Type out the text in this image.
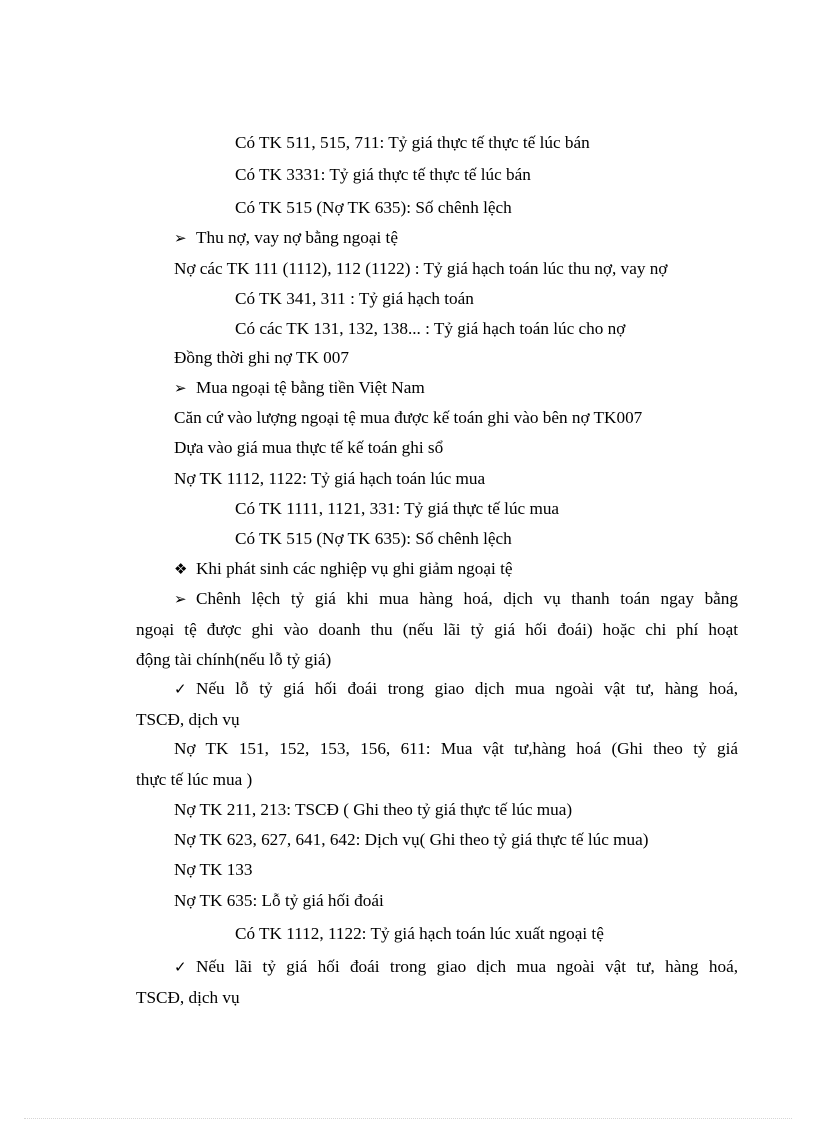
Có TK 511, 515, 711: Tỷ giá thực tế thực tế lúc bán
Có TK 3331: Tỷ giá thực tế thực tế lúc bán
Có TK 515 (Nợ TK 635): Số chênh lệch
➢ Thu nợ, vay nợ bằng ngoại tệ
Nợ các TK 111 (1112), 112 (1122) : Tỷ giá hạch toán lúc thu nợ, vay nợ
Có TK 341, 311 : Tỷ giá hạch toán
Có các TK 131, 132, 138... : Tỷ giá hạch toán lúc cho nợ
Đồng thời ghi nợ TK 007
➢ Mua ngoại tệ bằng tiền Việt Nam
Căn cứ vào lượng ngoại tệ mua được kế toán ghi vào bên nợ TK007
Dựa vào giá mua thực tế kế toán ghi sổ
Nợ TK 1112, 1122: Tỷ giá hạch toán lúc mua
Có TK 1111, 1121, 331: Tỷ giá thực tế lúc mua
Có TK 515 (Nợ TK 635): Số chênh lệch
❖ Khi phát sinh các nghiệp vụ ghi giảm ngoại tệ
➢ Chênh lệch tỷ giá khi mua hàng hoá, dịch vụ thanh toán ngay bằng
ngoại tệ được ghi vào doanh thu (nếu lãi tỷ giá hối đoái) hoặc chi phí hoạt
động tài chính(nếu lỗ tỷ giá)
✓ Nếu lỗ tỷ giá hối đoái trong giao dịch mua ngoài vật tư, hàng hoá,
TSCĐ, dịch vụ
Nợ TK 151, 152, 153, 156, 611: Mua vật tư,hàng hoá (Ghi theo tỷ giá
thực tế lúc mua )
Nợ TK 211, 213: TSCĐ ( Ghi theo tỷ giá thực tế lúc mua)
Nợ TK 623, 627, 641, 642: Dịch vụ( Ghi theo tỷ giá thực tế lúc mua)
Nợ TK 133
Nợ TK 635: Lỗ tỷ giá hối đoái
Có TK 1112, 1122: Tỷ giá hạch toán lúc xuất ngoại tệ
✓ Nếu lãi tỷ giá hối đoái trong giao dịch mua ngoài vật tư, hàng hoá,
TSCĐ, dịch vụ
